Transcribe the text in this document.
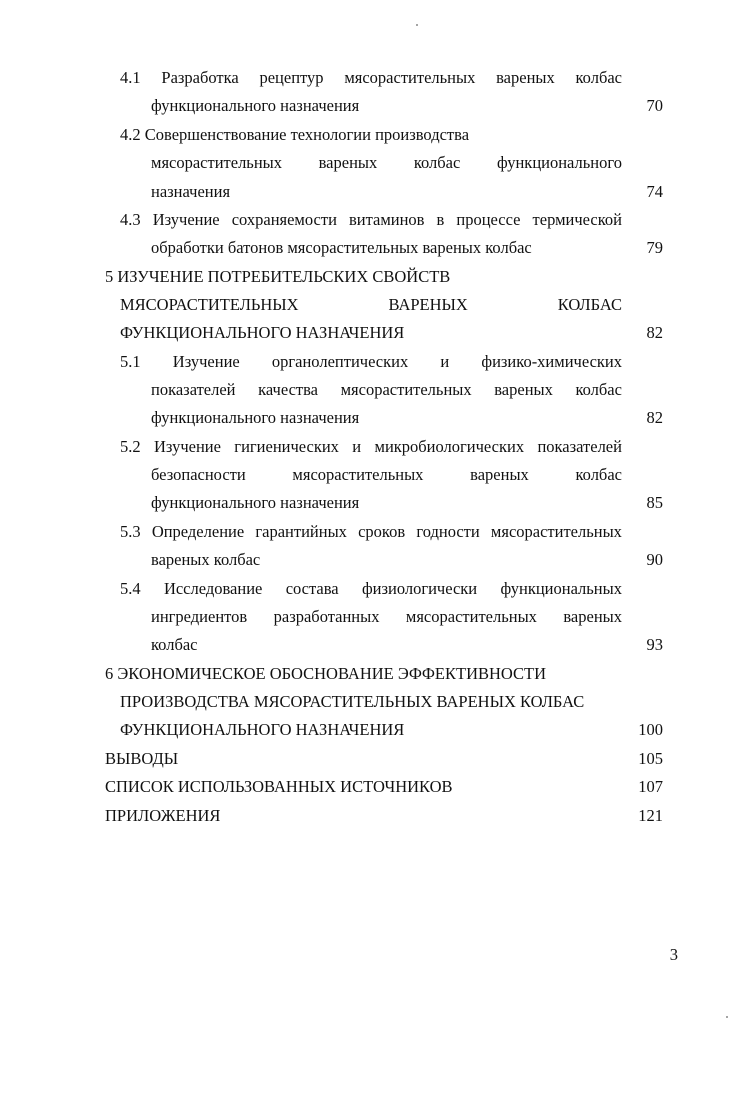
4.1 Разработка рецептур мясорастительных вареных колбас
функционального назначения	70
4.2 Совершенствование технологии производства
мясорастительных вареных колбас функционального
назначения	74
4.3 Изучение сохраняемости витаминов в процессе термической
обработки батонов мясорастительных вареных колбас	79
5 ИЗУЧЕНИЕ ПОТРЕБИТЕЛЬСКИХ СВОЙСТВ
МЯСОРАСТИТЕЛЬНЫХ	ВАРЕНЫХ	КОЛБАС
ФУНКЦИОНАЛЬНОГО НАЗНАЧЕНИЯ	82
5.1 Изучение органолептических и физико-химических
показателей качества мясорастительных вареных колбас
функционального назначения	82
5.2 Изучение гигиенических и микробиологических показателей
безопасности	мясорастительных	вареных	колбас
функционального назначения	85
5.3 Определение гарантийных сроков годности мясорастительных
вареных колбас	90
5.4 Исследование состава физиологически функциональных
ингредиентов разработанных мясорастительных вареных
колбас	93
6 ЭКОНОМИЧЕСКОЕ ОБОСНОВАНИЕ ЭФФЕКТИВНОСТИ
ПРОИЗВОДСТВА МЯСОРАСТИТЕЛЬНЫХ ВАРЕНЫХ КОЛБАС
ФУНКЦИОНАЛЬНОГО НАЗНАЧЕНИЯ	100
ВЫВОДЫ	105
СПИСОК ИСПОЛЬЗОВАННЫХ ИСТОЧНИКОВ	107
ПРИЛОЖЕНИЯ	121
3
